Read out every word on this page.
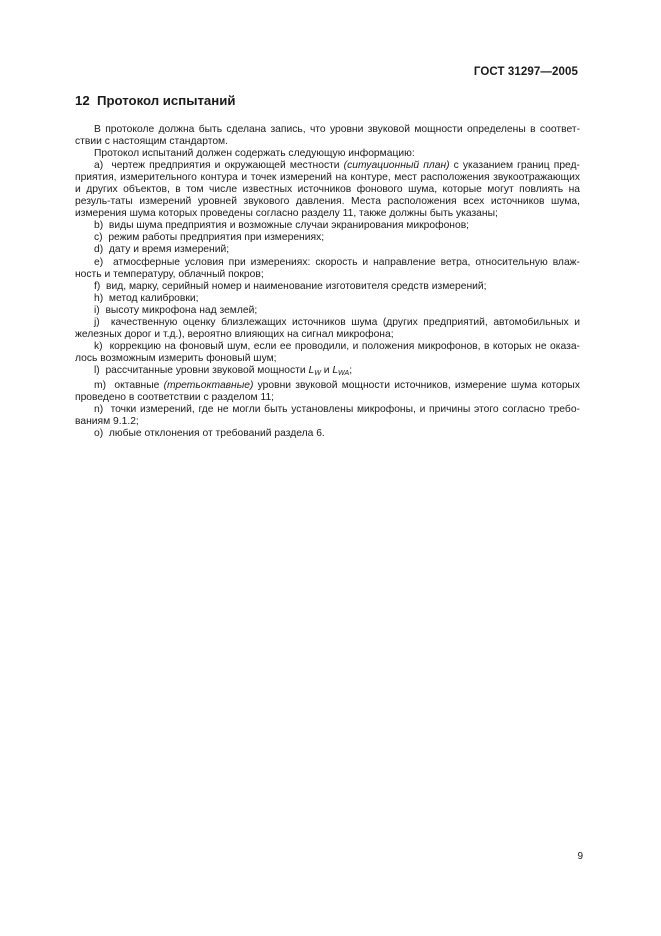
ГОСТ 31297—2005
12 Протокол испытаний

В протоколе должна быть сделана запись, что уровни звуковой мощности определены в соответ-ствии с настоящим стандартом.

Протокол испытаний должен содержать следующую информацию:

а) чертеж предприятия и окружающей местности (ситуационный план) с указанием границ пред-приятия, измерительного контура и точек измерений на контуре, мест расположения звукоотражающих и других объектов, в том числе известных источников фонового шума, которые могут повлиять на резуль-таты измерений уровней звукового давления. Места расположения всех источников шума, измерения шума которых проведены согласно разделу 11, также должны быть указаны;

b) виды шума предприятия и возможные случаи экранирования микрофонов;

c) режим работы предприятия при измерениях;

d) дату и время измерений;

e) атмосферные условия при измерениях: скорость и направление ветра, относительную влаж-ность и температуру, облачный покров;

f) вид, марку, серийный номер и наименование изготовителя средств измерений;

h) метод калибровки;

i) высоту микрофона над землей;

j) качественную оценку близлежащих источников шума (других предприятий, автомобильных и железных дорог и т.д.), вероятно влияющих на сигнал микрофона;

k) коррекцию на фоновый шум, если ее проводили, и положения микрофонов, в которых не оказа-лось возможным измерить фоновый шум;

l) рассчитанные уровни звуковой мощности $L_W$ и $L_{WA}$;

m) октавные (третьоктавные) уровни звуковой мощности источников, измерение шума которых проведено в соответствии с разделом 11;

n) точки измерений, где не могли быть установлены микрофоны, и причины этого согласно требо-ваниям 9.1.2;

о) любые отклонения от требований раздела 6.

9
